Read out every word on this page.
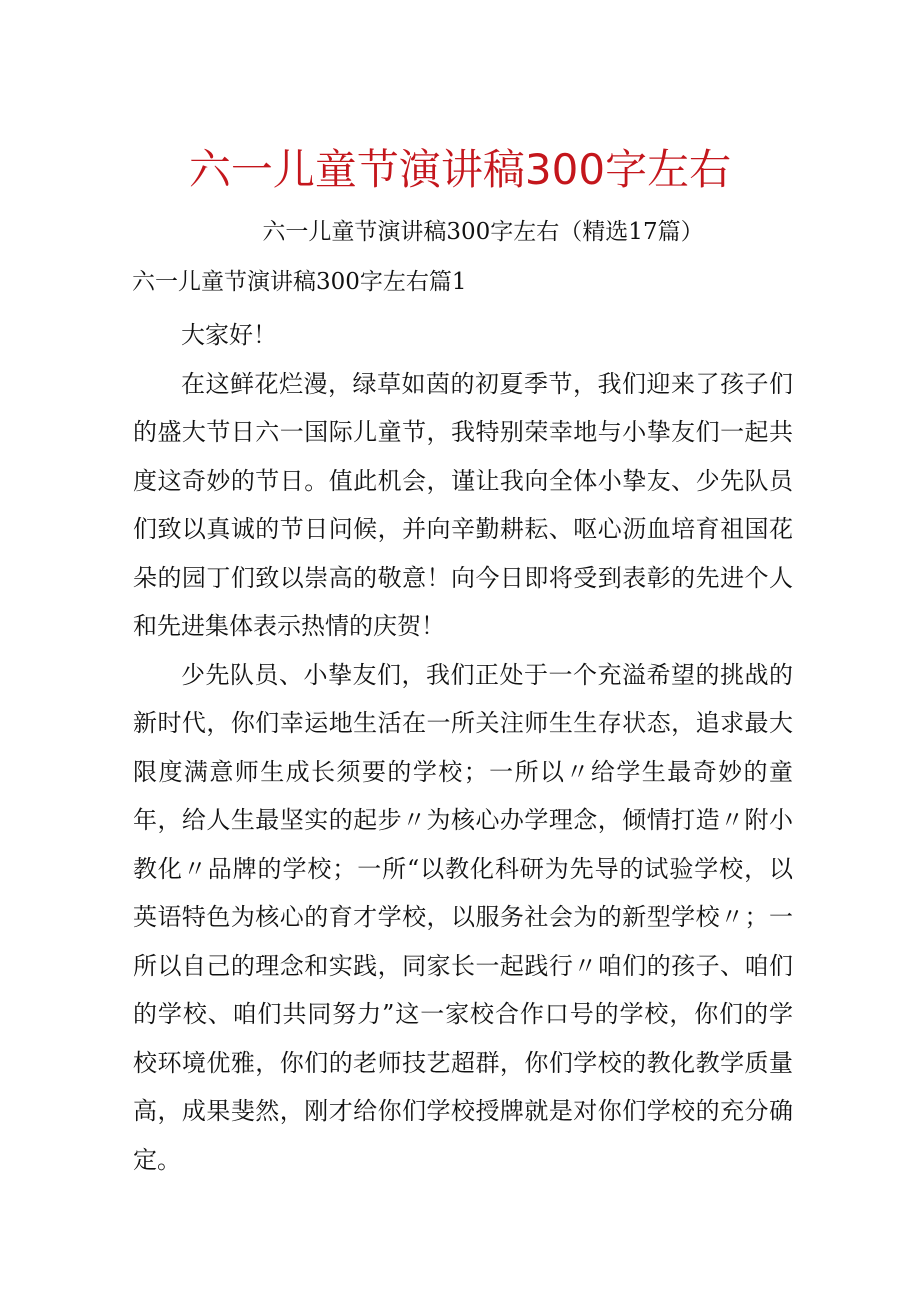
六一儿童节演讲稿300字左右
六一儿童节演讲稿300字左右（精选17篇）
六一儿童节演讲稿300字左右篇1

大家好！

在这鲜花烂漫，绿草如茵的初夏季节，我们迎来了孩子们的盛大节日六一国际儿童节，我特别荣幸地与小挚友们一起共度这奇妙的节日。值此机会，谨让我向全体小挚友、少先队员们致以真诚的节日问候，并向辛勤耕耘、呕心沥血培育祖国花朵的园丁们致以崇高的敬意！向今日即将受到表彰的先进个人和先进集体表示热情的庆贺！

少先队员、小挚友们，我们正处于一个充溢希望的挑战的新时代，你们幸运地生活在一所关注师生生存状态，追求最大限度满意师生成长须要的学校；一所以〃给学生最奇妙的童年，给人生最坚实的起步〃为核心办学理念，倾情打造〃附小教化〃品牌的学校；一所“以教化科研为先导的试验学校，以英语特色为核心的育才学校，以服务社会为的新型学校〃；一所以自己的理念和实践，同家长一起践行〃咱们的孩子、咱们的学校、咱们共同努力”这一家校合作口号的学校，你们的学校环境优雅，你们的老师技艺超群，你们学校的教化教学质量高，成果斐然，刚才给你们学校授牌就是对你们学校的充分确定。
